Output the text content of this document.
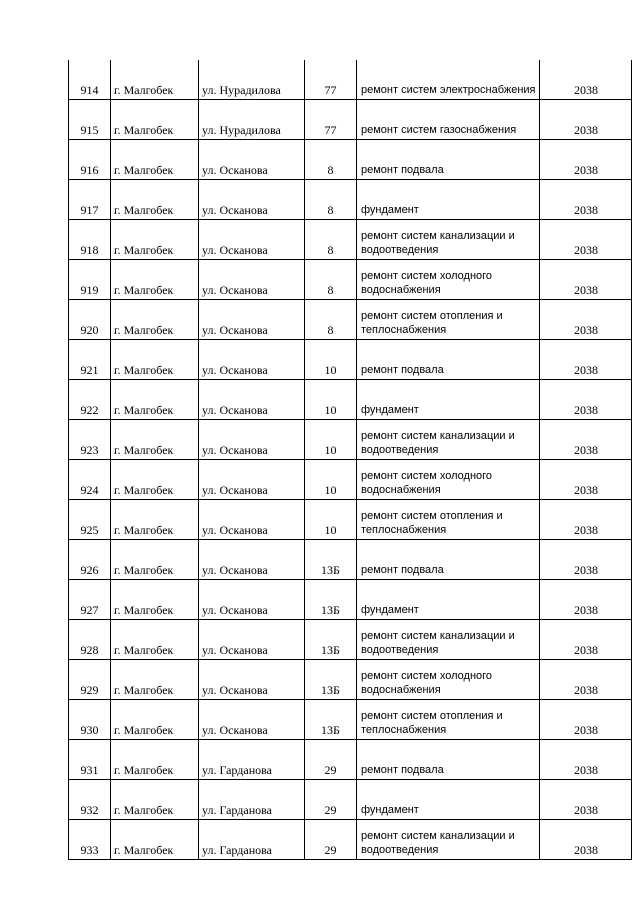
914	г. Малгобек	ул. Нурадилова	77	ремонт систем электроснабжения	2038
915	г. Малгобек	ул. Нурадилова	77	ремонт систем газоснабжения	2038
916	г. Малгобек	ул. Осканова	8	ремонт подвала	2038
917	г. Малгобек	ул. Осканова	8	фундамент	2038
918	г. Малгобек	ул. Осканова	8	ремонт систем канализации и водоотведения	2038
919	г. Малгобек	ул. Осканова	8	ремонт систем холодного водоснабжения	2038
920	г. Малгобек	ул. Осканова	8	ремонт систем отопления и теплоснабжения	2038
921	г. Малгобек	ул. Осканова	10	ремонт подвала	2038
922	г. Малгобек	ул. Осканова	10	фундамент	2038
923	г. Малгобек	ул. Осканова	10	ремонт систем канализации и водоотведения	2038
924	г. Малгобек	ул. Осканова	10	ремонт систем холодного водоснабжения	2038
925	г. Малгобек	ул. Осканова	10	ремонт систем отопления и теплоснабжения	2038
926	г. Малгобек	ул. Осканова	13Б	ремонт подвала	2038
927	г. Малгобек	ул. Осканова	13Б	фундамент	2038
928	г. Малгобек	ул. Осканова	13Б	ремонт систем канализации и водоотведения	2038
929	г. Малгобек	ул. Осканова	13Б	ремонт систем холодного водоснабжения	2038
930	г. Малгобек	ул. Осканова	13Б	ремонт систем отопления и теплоснабжения	2038
931	г. Малгобек	ул. Гарданова	29	ремонт подвала	2038
932	г. Малгобек	ул. Гарданова	29	фундамент	2038
933	г. Малгобек	ул. Гарданова	29	ремонт систем канализации и водоотведения	2038
